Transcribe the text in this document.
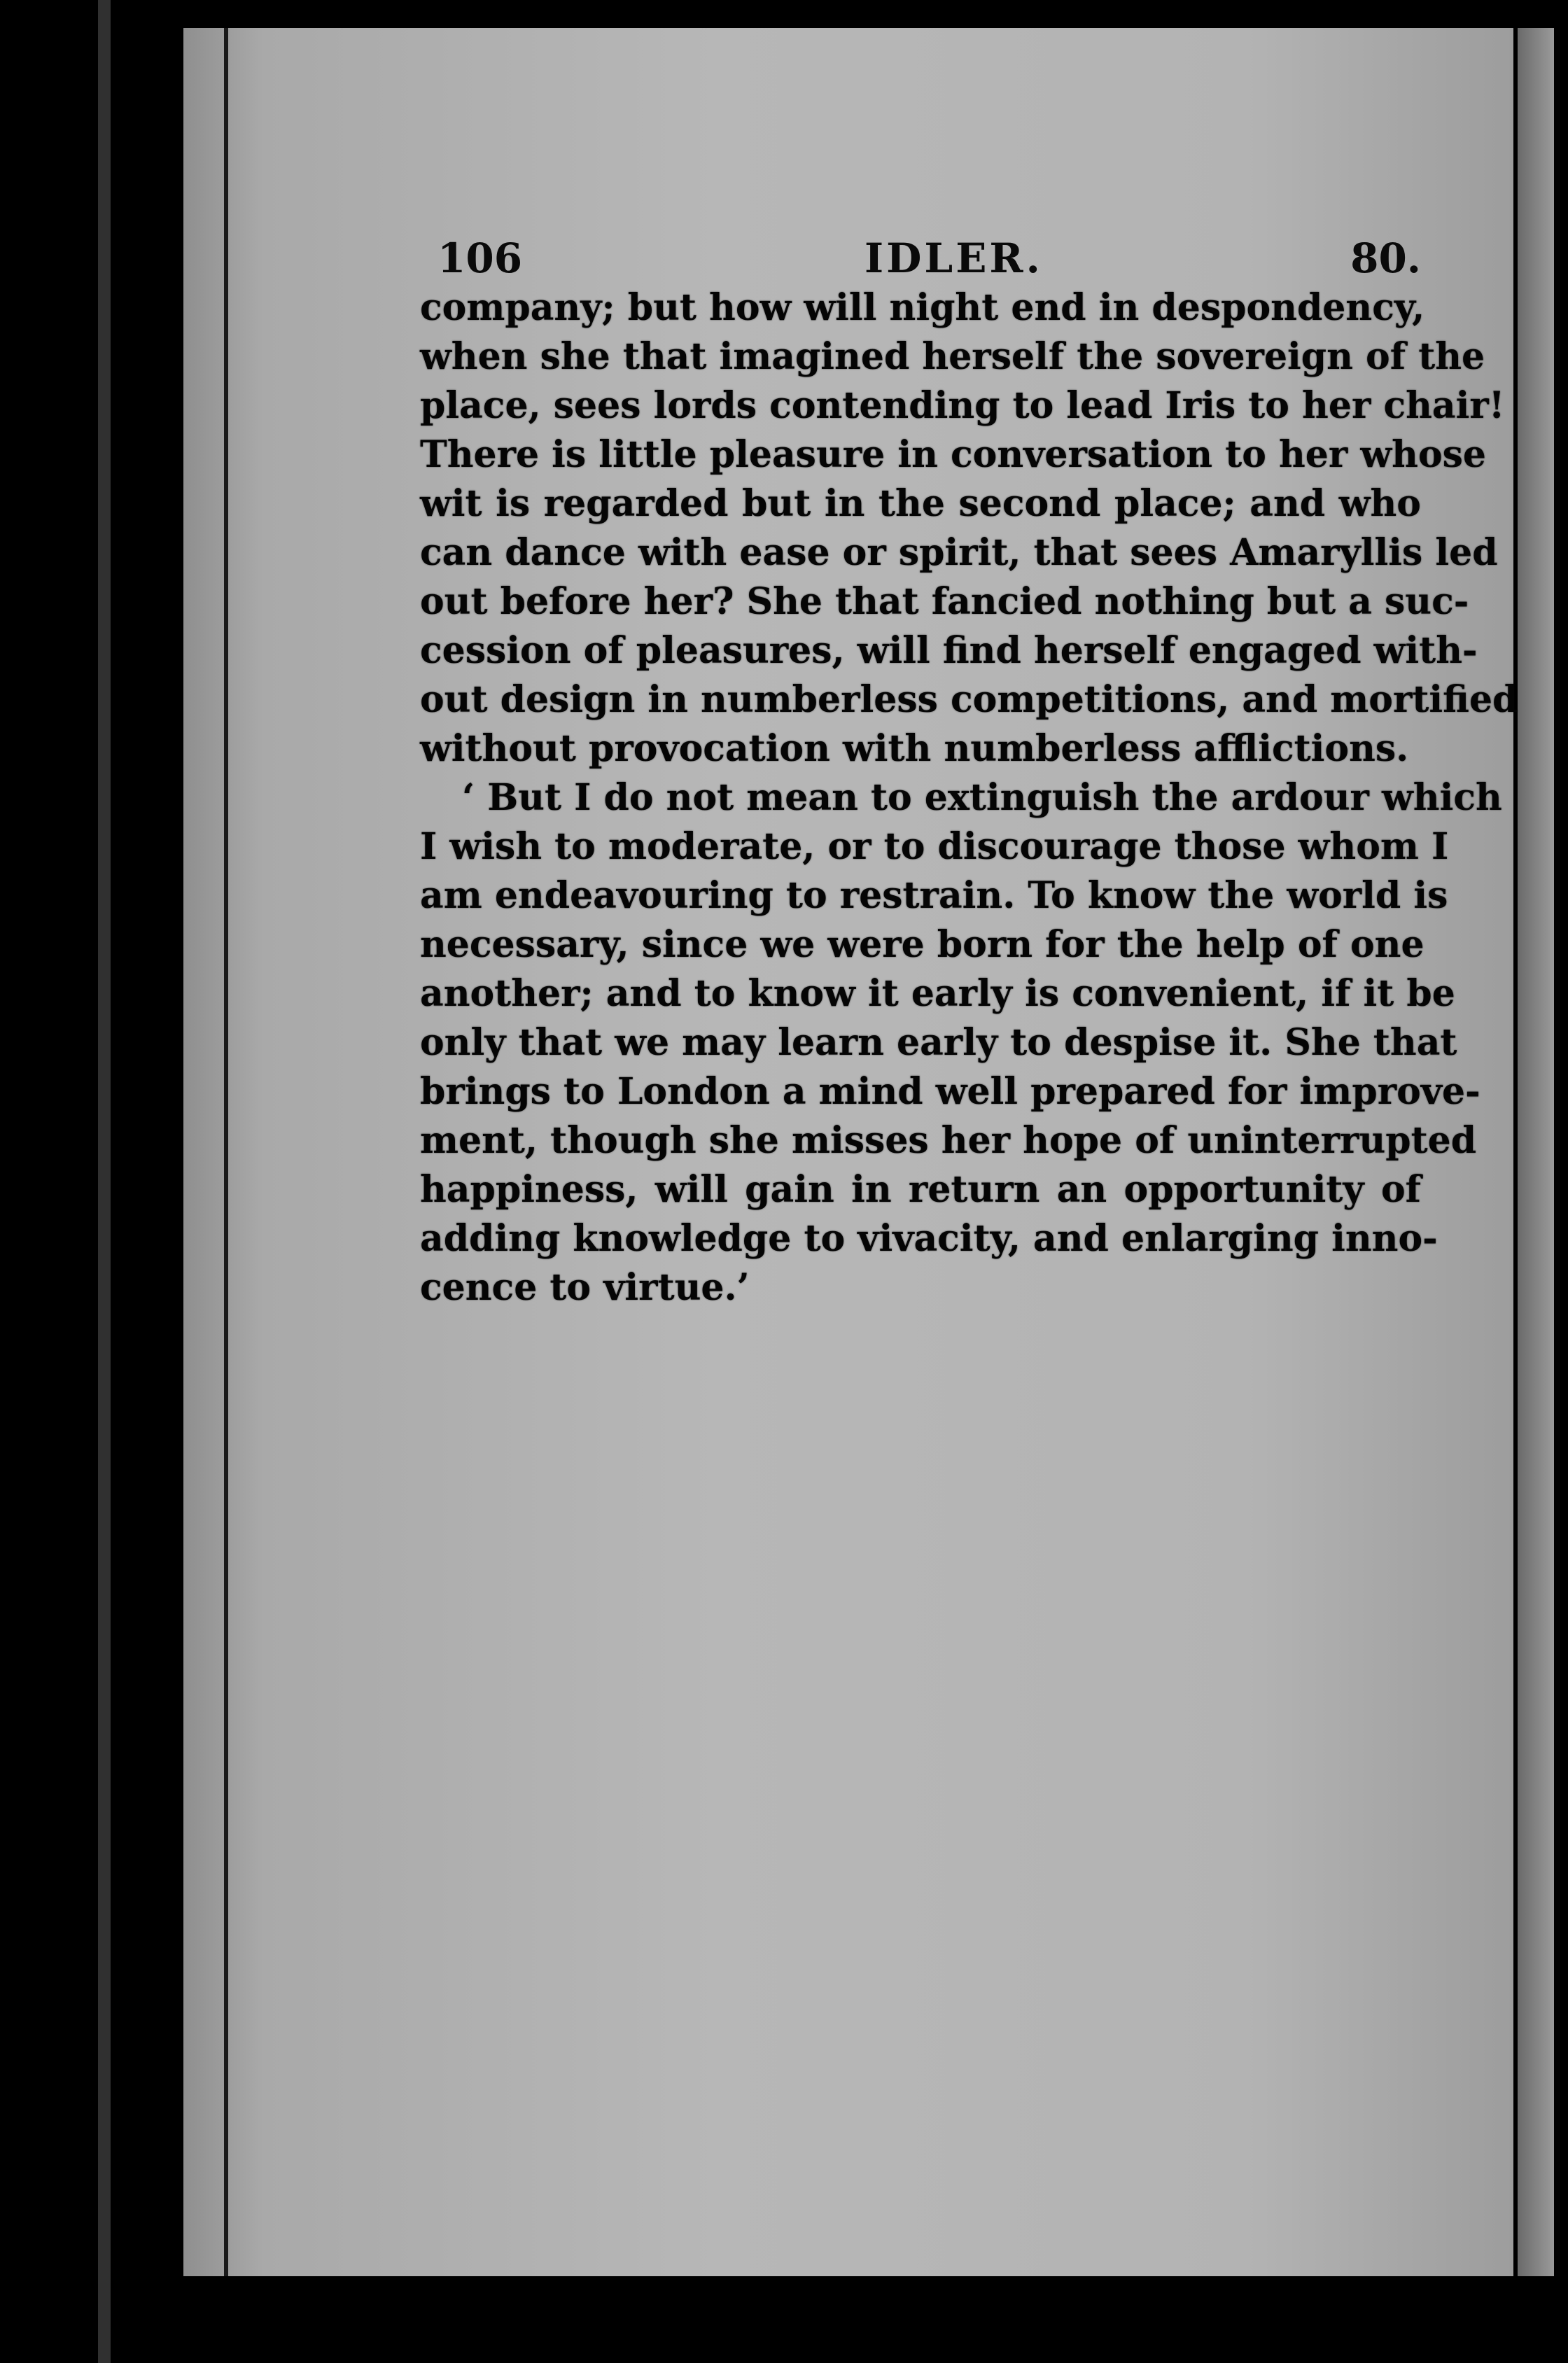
106	IDLER.	80.
company; but how will night end in despondency,
when she that imagined herself the sovereign of the
place, sees lords contending to lead Iris to her chair!
There is little pleasure in conversation to her whose
wit is regarded but in the second place; and who
can dance with ease or spirit, that sees Amaryllis led
out before her? She that fancied nothing but a suc-
cession of pleasures, will find herself engaged with-
out design in numberless competitions, and mortified
without provocation with numberless afflictions.
‘ But I do not mean to extinguish the ardour which
I wish to moderate, or to discourage those whom I
am endeavouring to restrain. To know the world is
necessary, since we were born for the help of one
another; and to know it early is convenient, if it be
only that we may learn early to despise it. She that
brings to London a mind well prepared for improve-
ment, though she misses her hope of uninterrupted
happiness, will gain in return an opportunity of
adding knowledge to vivacity, and enlarging inno-
cence to virtue.’
